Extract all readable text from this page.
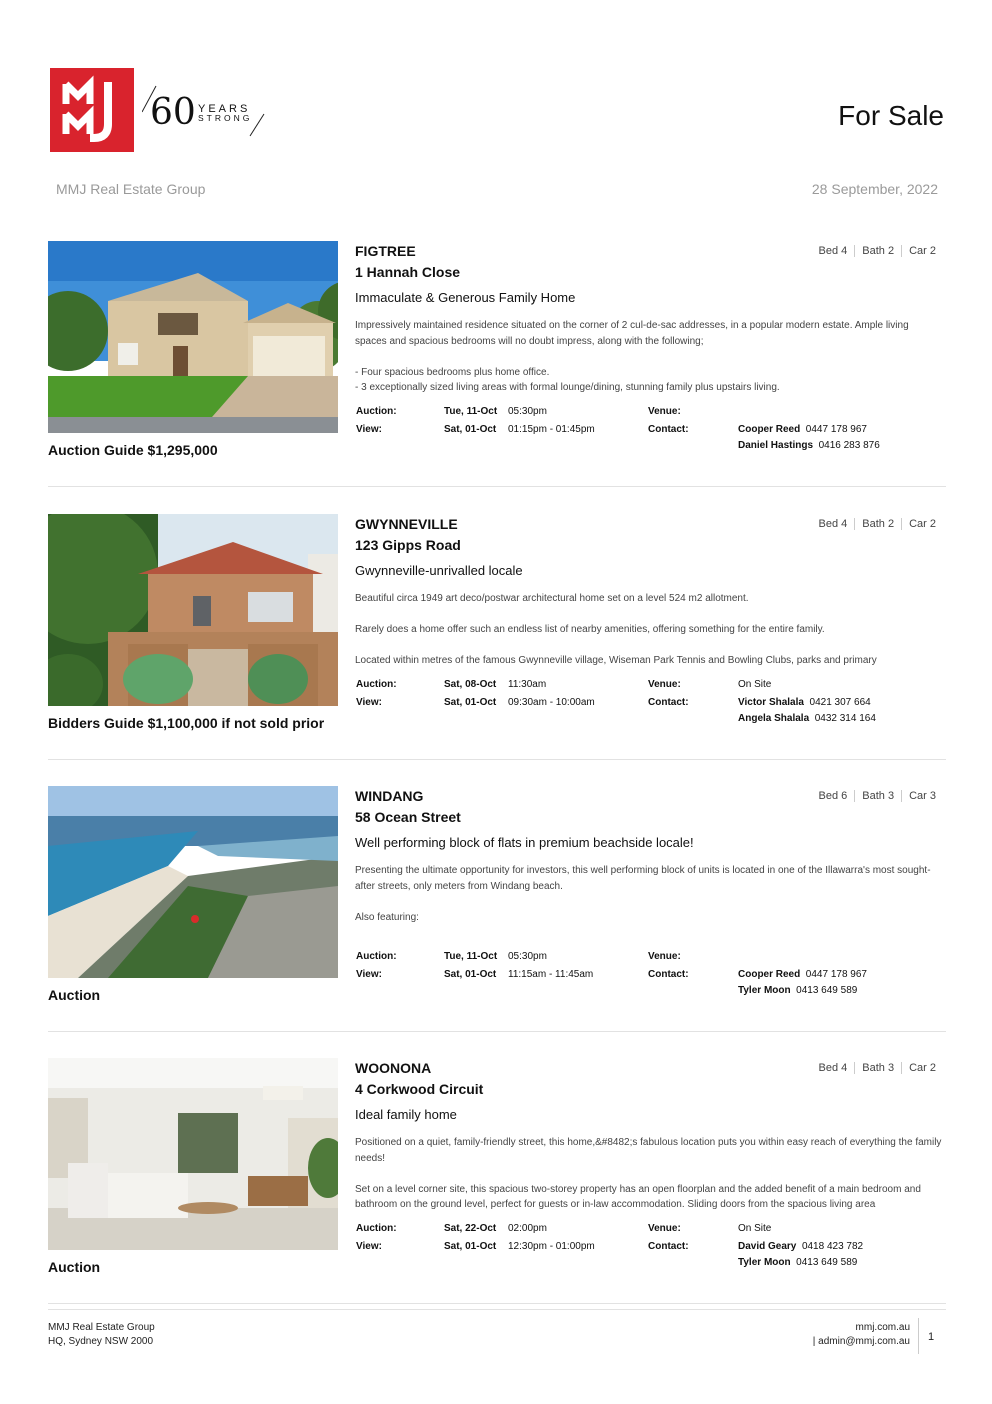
60 YEARS
STRONG	For Sale
MMJ Real Estate Group	28 September, 2022
Auction Guide $1,295,000
FIGTREE
1 Hannah Close
Immaculate & Generous Family Home
Bed 4	Bath 2	Car 2
Impressively maintained residence situated on the corner of 2 cul-de-sac addresses, in a popular modern estate. Ample living spaces and spacious bedrooms will no doubt impress, along with the following;

- Four spacious bedrooms plus home office.
- 3 exceptionally sized living areas with formal lounge/dining, stunning family plus upstairs living.
Auction:	Tue, 11-Oct 05:30pm	Venue:
View:	Sat, 01-Oct 01:15pm - 01:45pm	Contact:	Cooper Reed 0447 178 967
Daniel Hastings 0416 283 876
Bidders Guide $1,100,000 if not sold prior
GWYNNEVILLE
123 Gipps Road
Gwynneville-unrivalled locale
Bed 4	Bath 2	Car 2
Beautiful circa 1949 art deco/postwar architectural home set on a level 524 m2 allotment.

Rarely does a home offer such an endless list of nearby amenities, offering something for the entire family.

Located within metres of the famous Gwynneville village, Wiseman Park Tennis and Bowling Clubs, parks and primary
Auction:	Sat, 08-Oct 11:30am	Venue:	On Site
View:	Sat, 01-Oct 09:30am - 10:00am	Contact:	Victor Shalala 0421 307 664
Angela Shalala 0432 314 164
Auction
WINDANG
58 Ocean Street
Well performing block of flats in premium beachside locale!
Bed 6	Bath 3	Car 3
Presenting the ultimate opportunity for investors, this well performing block of units is located in one of the Illawarra's most sought-after streets, only meters from Windang beach.

Also featuring:
Auction:	Tue, 11-Oct 05:30pm	Venue:
View:	Sat, 01-Oct 11:15am - 11:45am	Contact:	Cooper Reed 0447 178 967
Tyler Moon 0413 649 589
Auction
WOONONA
4 Corkwood Circuit
Ideal family home
Bed 4	Bath 3	Car 2
Positioned on a quiet, family-friendly street, this home,&#8482;s fabulous location puts you within easy reach of everything the family needs!

Set on a level corner site, this spacious two-storey property has an open floorplan and the added benefit of a main bedroom and bathroom on the ground level, perfect for guests or in-law accommodation. Sliding doors from the spacious living area
Auction:	Sat, 22-Oct 02:00pm	Venue:	On Site
View:	Sat, 01-Oct 12:30pm - 01:00pm	Contact:	David Geary 0418 423 782
Tyler Moon 0413 649 589
MMJ Real Estate Group
HQ, Sydney NSW 2000
mmj.com.au
| admin@mmj.com.au 1
